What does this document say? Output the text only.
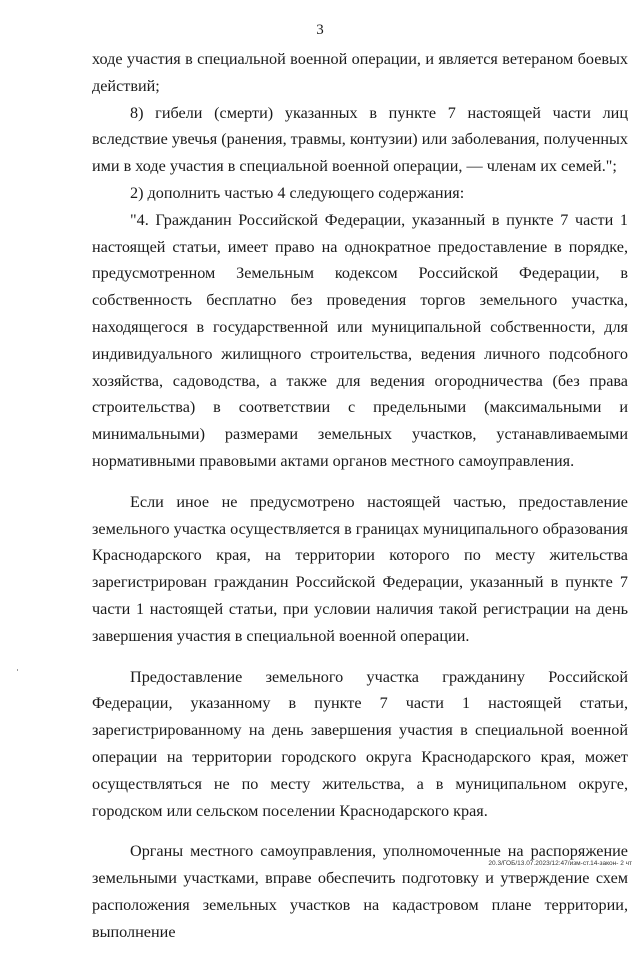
3

ходе участия в специальной военной операции, и является ветераном боевых действий;

8) гибели (смерти) указанных в пункте 7 настоящей части лиц вследствие увечья (ранения, травмы, контузии) или заболевания, полученных ими в ходе участия в специальной военной операции, — членам их семей.";

2) дополнить частью 4 следующего содержания:

"4. Гражданин Российской Федерации, указанный в пункте 7 части 1 настоящей статьи, имеет право на однократное предоставление в порядке, предусмотренном Земельным кодексом Российской Федерации, в собственность бесплатно без проведения торгов земельного участка, находящегося в государственной или муниципальной собственности, для индивидуального жилищного строительства, ведения личного подсобного хозяйства, садоводства, а также для ведения огородничества (без права строительства) в соответствии с предельными (максимальными и минимальными) размерами земельных участков, устанавливаемыми нормативными правовыми актами органов местного самоуправления.

Если иное не предусмотрено настоящей частью, предоставление земельного участка осуществляется в границах муниципального образования Краснодарского края, на территории которого по месту жительства зарегистрирован гражданин Российской Федерации, указанный в пункте 7 части 1 настоящей статьи, при условии наличия такой регистрации на день завершения участия в специальной военной операции.

Предоставление земельного участка гражданину Российской Федерации, указанному в пункте 7 части 1 настоящей статьи, зарегистрированному на день завершения участия в специальной военной операции на территории городского округа Краснодарского края, может осуществляться не по месту жительства, а в муниципальном округе, городском или сельском поселении Краснодарского края.

Органы местного самоуправления, уполномоченные на распоряжение земельными участками, вправе обеспечить подготовку и утверждение схем расположения земельных участков на кадастровом плане территории, выполнение

20.3/ГОБ/13.07.2023/12:47/изм-ст.14-закон- 2 чт
